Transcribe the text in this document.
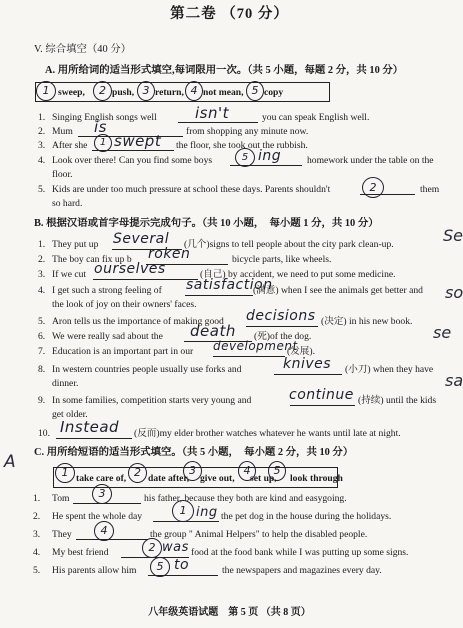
第二卷 （70 分）
V. 综合填空（40 分）
A. 用所给词的适当形式填空,每词限用一次。（共 5 小题，每题 2 分，共 10 分）
sweep,	push, return, not mean, copy
1	2	3	4	5
1. Singing English songs well	isn't	you can speak English well.
2. Mum is	from shopping any minute now.
3. After she	1 swept the floor, she took out the rubbish.
4. Look over there! Can you find some boys	5 ing	homework under the table on the
floor.
5. Kids are under too much pressure at school these days. Parents shouldn't	2	them
so hard.
B. 根据汉语或首字母提示完成句子。（共 10 小题，　每小题 1 分，共 10 分）
1. They put up Several (几个)signs to tell people about the city park clean-up.
2. The boy can fix up b roken	bicycle parts, like wheels.
3. If we cut ourselves	(自己) by accident, we need to put some medicine.
4. I get such a strong feeling of satisfaction
(满意) when I see the animals get better and
the look of joy on their owners' faces.
5. Aron tells us the importance of making good decisions (决定) in his new book.
6. We were really sad about the death (死)of the dog.
7. Education is an important part in our development
(发展).
8. In western countries people usually use forks and	knives (小刀) when they have
dinner.
9. In some families, competition starts very young and	continue (持续) until the kids
get older.
10. Instead (反而)my elder brother watches whatever he wants until late at night.
C. 用所给短语的适当形式填空。（共 5 小题，　每小题 2 分，共 10 分）
take care of, date after, give out, set up, look through
1	2	3	4	5
1. Tom	3	his father, because they both are kind and easygoing.
2. He spent the whole day	1 ing the pet dog in the house during the holidays.
3. They	4	the group " Animal Helpers" to help the disabled people.
4. My best friend	2 was food at the food bank while I was putting up some signs.
5. His parents allow him	5 to	the newspapers and magazines every day.
Se
so
se
sa
A
八年级英语试题　第 5 页 （共 8 页）
